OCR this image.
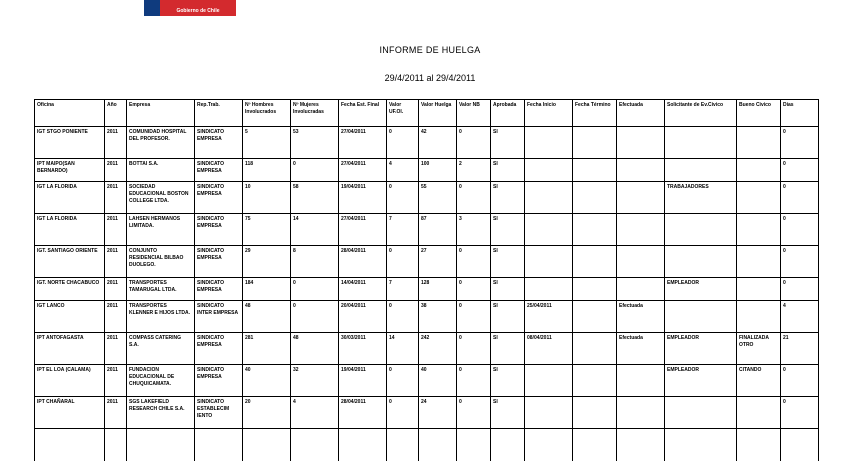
Gobierno de Chile
INFORME DE HUELGA
29/4/2011 al 29/4/2011
Oficina	Año	Empresa	Rep.Trab.	Nº Hombres Involucrados	Nº Mujeres Involucradas	Fecha Est. Final	Valor UF.Ol.	Valor Huelga	Valor NB	Aprobada	Fecha Inicio	Fecha Término	Efectuada	Solicitante de Ev.Civico	Bueno Civico	Días
IGT STGO PONIENTE	2011	COMUNIDAD HOSPITAL DEL PROFESOR.	SINDICATO EMPRESA	5	53	27/04/2011	0	42	0	SI						0
IPT MAIPO(SAN BERNARDO)	2011	BOTTAI S.A.	SINDICATO EMPRESA	118	0	27/04/2011	4	100	2	SI						0
IGT LA FLORIDA	2011	SOCIEDAD EDUCACIONAL BOSTON COLLEGE LTDA.	SINDICATO EMPRESA	10	58	19/04/2011	0	55	0	SI				TRABAJADORES		0
IGT LA FLORIDA	2011	LAHSEN HERMANOS LIMITADA.	SINDICATO EMPRESA	75	14	27/04/2011	7	87	3	SI						0
IGT. SANTIAGO ORIENTE	2011	CONJUNTO RESIDENCIAL BILBAO DUOLEGO.	SINDICATO EMPRESA	29	8	28/04/2011	0	27	0	SI						0
IGT. NORTE CHACABUCO	2011	TRANSPORTES TAMARUGAL LTDA.	SINDICATO EMPRESA	184	0	14/04/2011	7	128	0	SI				EMPLEADOR		0
IGT LANCO	2011	TRANSPORTES KLENNER E HIJOS LTDA.	SINDICATO INTER EMPRESA	48	0	20/04/2011	0	38	0	SI	25/04/2011		Efectuada			4
IPT ANTOFAGASTA	2011	COMPASS CATERING S.A.	SINDICATO EMPRESA	281	48	30/03/2011	14	242	0	SI	08/04/2011		Efectuada	EMPLEADOR	FINALIZADA OTRO	21
IPT EL LOA (CALAMA)	2011	FUNDACION EDUCACIONAL DE CHUQUICAMATA.	SINDICATO EMPRESA	40	32	19/04/2011	0	40	0	SI				EMPLEADOR	CITANDO	0
IPT CHAÑARAL	2011	SGS LAKEFIELD RESEARCH CHILE S.A.	SINDICATO ESTABLECIM IENTO	20	4	28/04/2011	0	24	0	SI						0
